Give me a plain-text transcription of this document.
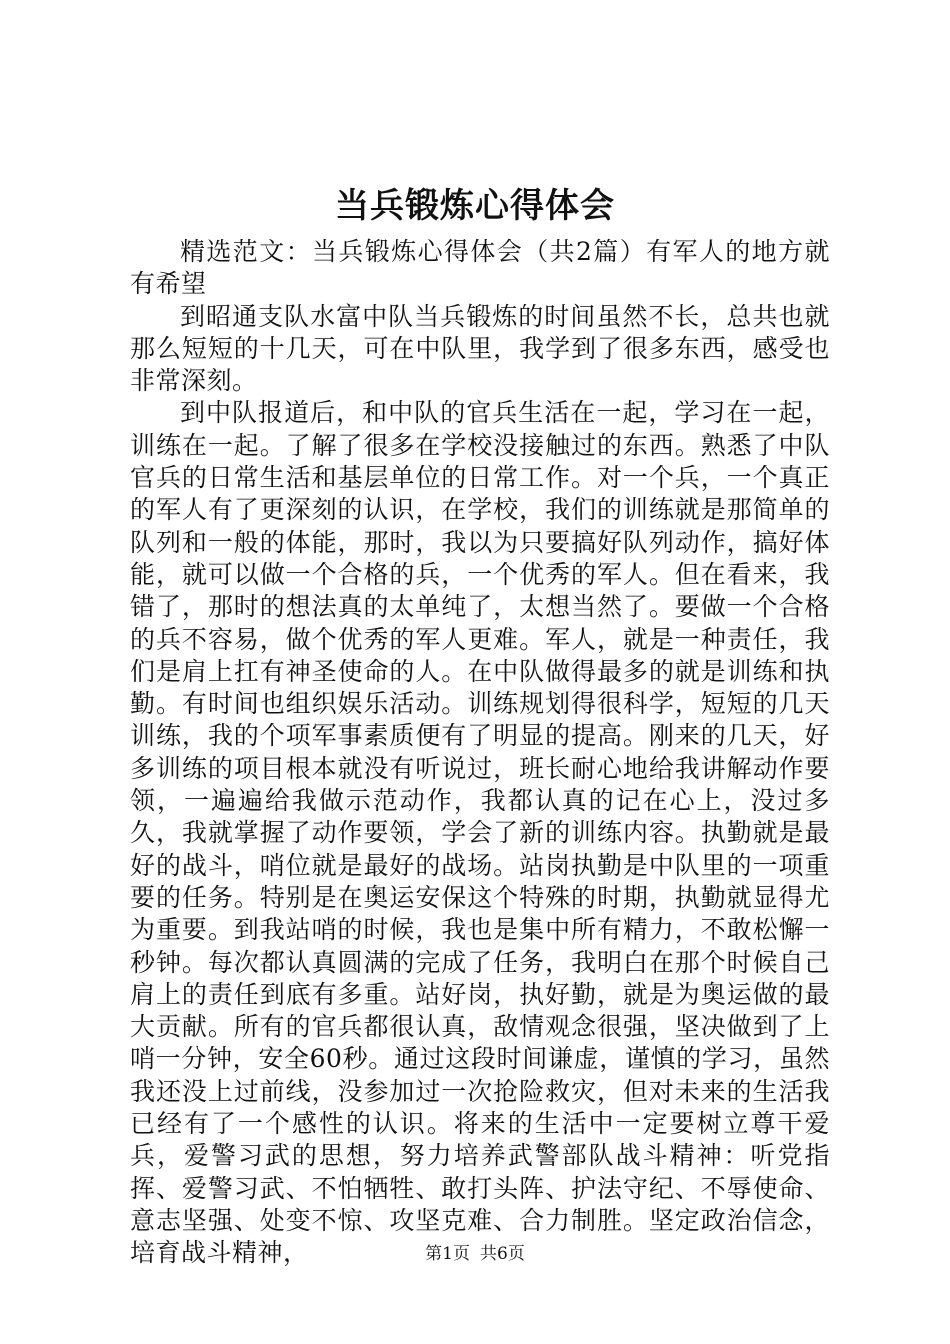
当兵锻炼心得体会

精选范文：当兵锻炼心得体会（共2篇）有军人的地方就有希望

到昭通支队水富中队当兵锻炼的时间虽然不长，总共也就那么短短的十几天，可在中队里，我学到了很多东西，感受也非常深刻。

到中队报道后，和中队的官兵生活在一起，学习在一起，训练在一起。了解了很多在学校没接触过的东西。熟悉了中队官兵的日常生活和基层单位的日常工作。对一个兵，一个真正的军人有了更深刻的认识，在学校，我们的训练就是那简单的队列和一般的体能，那时，我以为只要搞好队列动作，搞好体能，就可以做一个合格的兵，一个优秀的军人。但在看来，我错了，那时的想法真的太单纯了，太想当然了。要做一个合格的兵不容易，做个优秀的军人更难。军人，就是一种责任，我们是肩上扛有神圣使命的人。在中队做得最多的就是训练和执勤。有时间也组织娱乐活动。训练规划得很科学，短短的几天训练，我的个项军事素质便有了明显的提高。刚来的几天，好多训练的项目根本就没有听说过，班长耐心地给我讲解动作要领，一遍遍给我做示范动作，我都认真的记在心上，没过多久，我就掌握了动作要领，学会了新的训练内容。执勤就是最好的战斗，哨位就是最好的战场。站岗执勤是中队里的一项重要的任务。特别是在奥运安保这个特殊的时期，执勤就显得尤为重要。到我站哨的时候，我也是集中所有精力，不敢松懈一秒钟。每次都认真圆满的完成了任务，我明白在那个时候自己肩上的责任到底有多重。站好岗，执好勤，就是为奥运做的最大贡献。所有的官兵都很认真，敌情观念很强，坚决做到了上哨一分钟，安全60秒。通过这段时间谦虚，谨慎的学习，虽然我还没上过前线，没参加过一次抢险救灾，但对未来的生活我已经有了一个感性的认识。将来的生活中一定要树立尊干爱兵，爱警习武的思想，努力培养武警部队战斗精神：听党指挥、爱警习武、不怕牺牲、敢打头阵、护法守纪、不辱使命、意志坚强、处变不惊、攻坚克难、合力制胜。坚定政治信念，培育战斗精神，	第1页 共6页
